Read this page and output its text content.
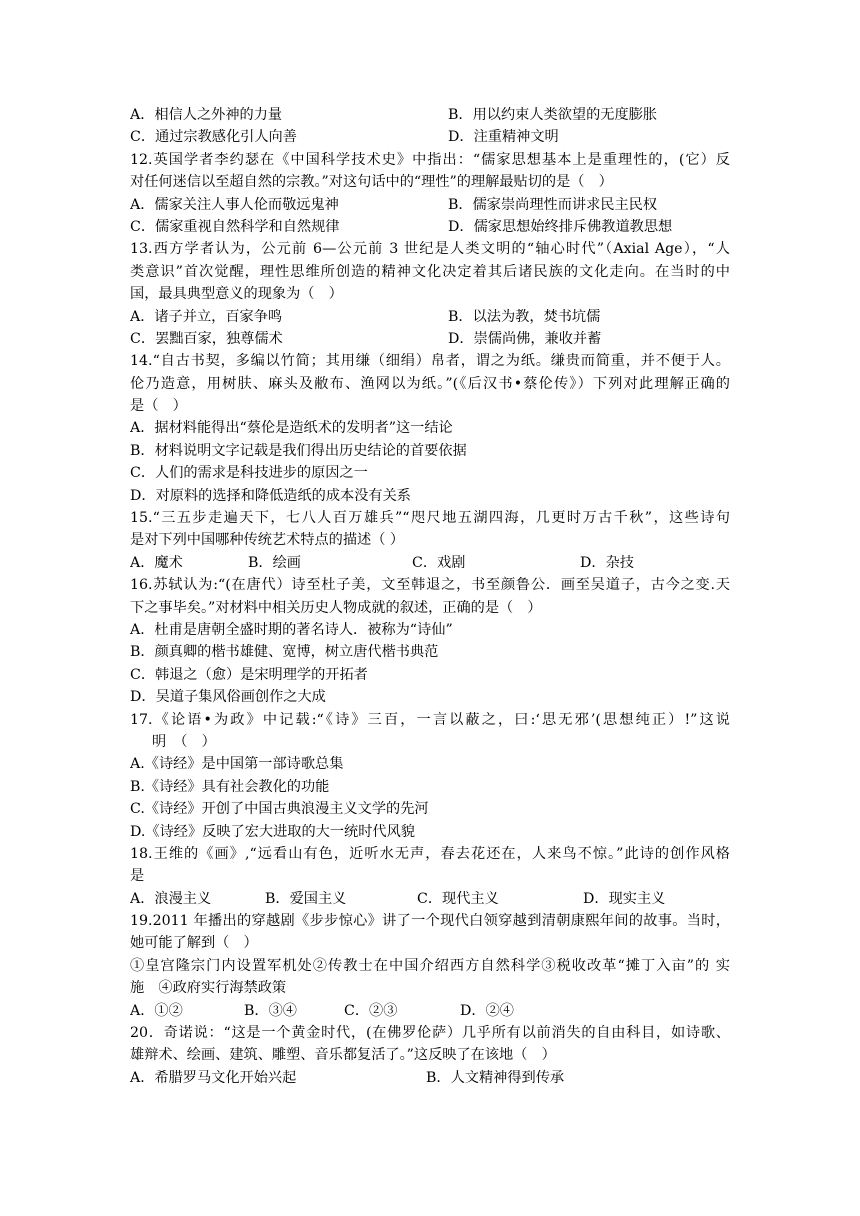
A．相信人之外神的力量	B．用以约束人类欲望的无度膨胀
C．通过宗教感化引人向善	D．注重精神文明
12.英国学者李约瑟在《中国科学技术史》中指出：“儒家思想基本上是重理性的，(它）反
对任何迷信以至超自然的宗教。”对这句话中的“理性”的理解最贴切的是（　）
A．儒家关注人事人伦而敬远鬼神	B．儒家崇尚理性而讲求民主民权
C．儒家重视自然科学和自然规律	D．儒家思想始终排斥佛教道教思想
13.西方学者认为，公元前 6—公元前 3 世纪是人类文明的“轴心时代”（Axial Age），“人
类意识”首次觉醒，理性思维所创造的精神文化决定着其后诸民族的文化走向。在当时的中
国，最具典型意义的现象为（　）
A．诸子并立，百家争鸣	B．以法为教，焚书坑儒
C．罢黜百家，独尊儒术	D．崇儒尚佛，兼收并蓄
14.“自古书契，多编以竹简；其用缣（细绢）帛者，谓之为纸。缣贵而简重，并不便于人。
伦乃造意，用树肤、麻头及敝布、渔网以为纸。”(《后汉书•蔡伦传》）下列对此理解正确的
是（　）
A．据材料能得出“蔡伦是造纸术的发明者”这一结论
B．材料说明文字记载是我们得出历史结论的首要依据
C．人们的需求是科技进步的原因之一
D．对原料的选择和降低造纸的成本没有关系
15.“三五步走遍天下，七八人百万雄兵”“咫尺地五湖四海，几更时万古千秋”，这些诗句
是对下列中国哪种传统艺术特点的描述（ ）
A．魔术	B．绘画	C．戏剧	D．杂技
16.苏轼认为:“(在唐代）诗至杜子美，文至韩退之，书至颜鲁公．画至吴道子，古今之变.天
下之事毕矣。”对材料中相关历史人物成就的叙述，正确的是（　）
A．杜甫是唐朝全盛时期的著名诗人．被称为“诗仙”
B．颜真卿的楷书雄健、宽博，树立唐代楷书典范
C．韩退之（愈）是宋明理学的开拓者
D．吴道子集风俗画创作之大成
17.《论语•为政》中记载:“《诗》三百，一言以蔽之，曰:‘思无邪’(思想纯正）!”这说
明　（　）
A.《诗经》是中国第一部诗歌总集
B.《诗经》具有社会教化的功能
C.《诗经》开创了中国古典浪漫主义文学的先河
D.《诗经》反映了宏大进取的大一统时代风貌
18.王维的《画》,“远看山有色，近听水无声，春去花还在，人来鸟不惊。”此诗的创作风格
是
A．浪漫主义	B．爱国主义	C．现代主义	D．现实主义
19.2011 年播出的穿越剧《步步惊心》讲了一个现代白领穿越到清朝康熙年间的故事。当时，
她可能了解到（　）
①皇宫隆宗门内设置军机处②传教士在中国介绍西方自然科学③税收改革“摊丁入亩”的 实
施　④政府实行海禁政策
A．①②	B．③④	C．②③	D．②④
20．奇诺说：“这是一个黄金时代，(在佛罗伦萨）几乎所有以前消失的自由科目，如诗歌、
雄辩术、绘画、建筑、雕塑、音乐都复活了。”这反映了在该地（　）
A．希腊罗马文化开始兴起	B．人文精神得到传承
